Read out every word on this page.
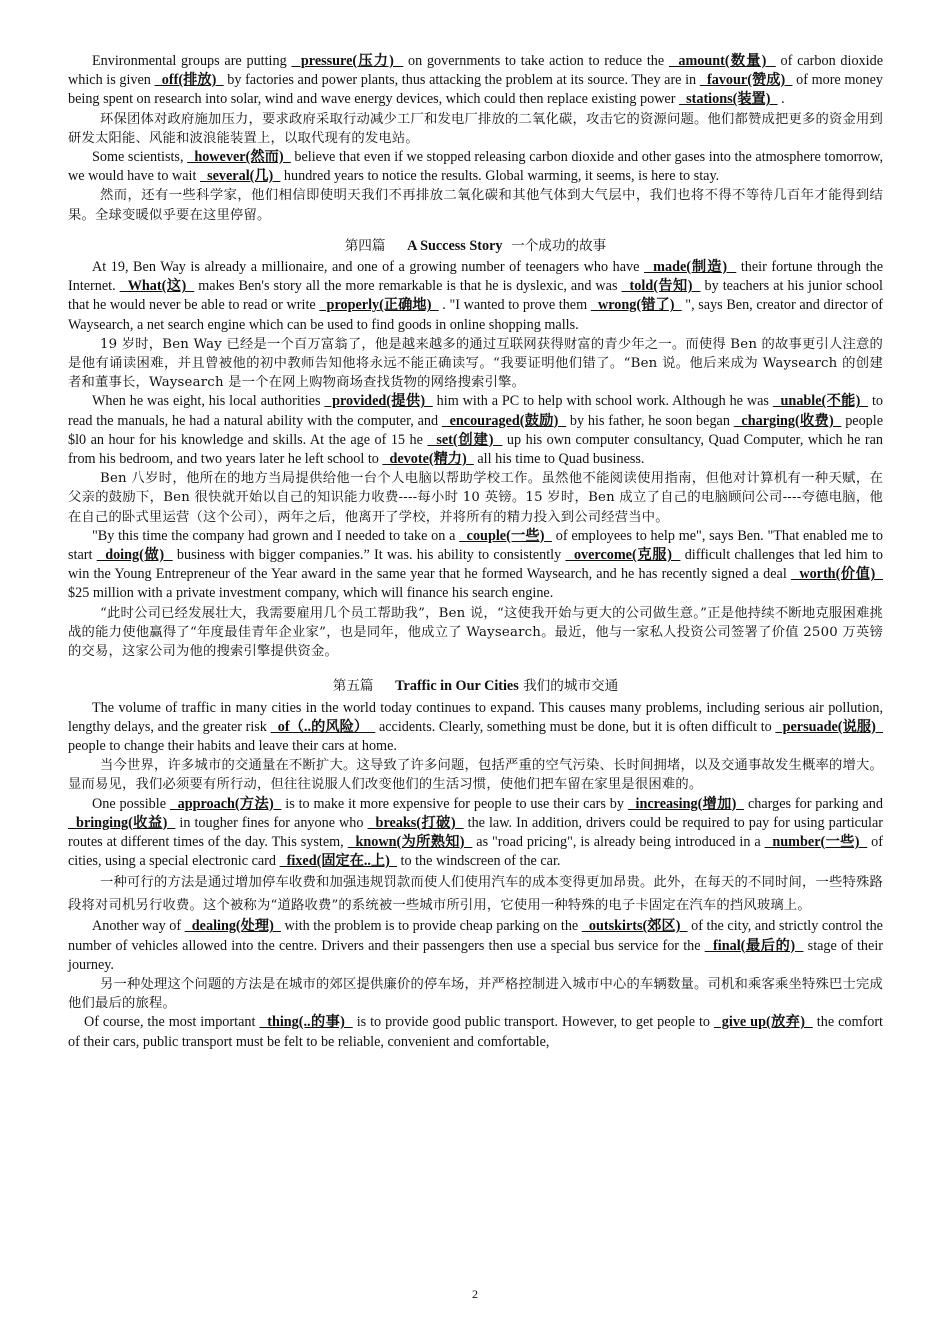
Environmental groups are putting   pressure(压力)   on governments to take action to reduce the   amount(数量)   of carbon dioxide which is given   off(排放)   by factories and power plants, thus attacking the problem at its source. They are in   favour(赞成)   of more money being spent on research into solar, wind and wave energy devices, which could then replace existing power   stations(装置)   .

环保团体对政府施加压力，要求政府采取行动减少工厂和发电厂排放的二氧化碳，攻击它的资源问题。他们都赞成把更多的资金用到研发太阳能、风能和波浪能装置上，以取代现有的发电站。

Some scientists,   however(然而)   believe that even if we stopped releasing carbon dioxide and other gases into the atmosphere tomorrow, we would have to wait   several(几)   hundred years to notice the results. Global warming, it seems, is here to stay.

然而，还有一些科学家，他们相信即使明天我们不再排放二氧化碳和其他气体到大气层中，我们也将不得不等待几百年才能得到结果。全球变暖似乎要在这里停留。

第四篇 A Success Story 一个成功的故事

At 19, Ben Way is already a millionaire, and one of a growing number of teenagers who have   made(制造)   their fortune through the Internet.   What(这)   makes Ben's story all the more remarkable is that he is dyslexic, and was   told(告知)   by teachers at his junior school that he would never be able to read or write   properly(正确地)   . "I wanted to prove them   wrong(错了)   ", says Ben, creator and director of Waysearch, a net search engine which can be used to find goods in online shopping malls.

19 岁时，Ben Way 已经是一个百万富翁了，他是越来越多的通过互联网获得财富的青少年之一。而使得 Ben 的故事更引人注意的是他有诵读困难，并且曾被他的初中教师告知他将永远不能正确读写。“我要证明他们错了。“Ben 说。他后来成为 Waysearch 的创建者和董事长，Waysearch 是一个在网上购物商场查找货物的网络搜索引擎。

When he was eight, his local authorities   provided(提供)   him with a PC to help with school work. Although he was   unable(不能)   to read the manuals, he had a natural ability with the computer, and   encouraged(鼓励)   by his father, he soon began   charging(收费)   people $l0 an hour for his knowledge and skills. At the age of 15 he   set(创建)   up his own computer consultancy, Quad Computer, which he ran from his bedroom, and two years later he left school to   devote(精力)   all his time to Quad business.

Ben 八岁时，他所在的地方当局提供给他一台个人电脑以帮助学校工作。虽然他不能阅读使用指南，但他对计算机有一种天赋，在父亲的鼓励下，Ben 很快就开始以自己的知识能力收费----每小时 10 英镑。15 岁时，Ben 成立了自己的电脑顾问公司----夸德电脑，他在自己的卧式里运营（这个公司），两年之后，他离开了学校，并将所有的精力投入到公司经营当中。

"By this time the company had grown and I needed to take on a   couple(一些)   of employees to help me", says Ben. "That enabled me to start   doing(做)   business with bigger companies.” It was. his ability to consistently   overcome(克服)   difficult challenges that led him to win the Young Entrepreneur of the Year award in the same year that he formed Waysearch, and he has recently signed a deal   worth(价值)   $25 million with a private investment company, which will finance his search engine.

“此时公司已经发展壮大，我需要雇用几个员工帮助我”，Ben 说，“这使我开始与更大的公司做生意。”正是他持续不断地克服困难挑战的能力使他赢得了“年度最佳青年企业家”，也是同年，他成立了 Waysearch。最近，他与一家私人投资公司签署了价值 2500 万英镑的交易，这家公司为他的搜索引擎提供资金。

第五篇 Traffic in Our Cities 我们的城市交通

The volume of traffic in many cities in the world today continues to expand. This causes many problems, including serious air pollution, lengthy delays, and the greater risk   of（..的风险）   accidents. Clearly, something must be done, but it is often difficult to   persuade(说服)   people to change their habits and leave their cars at home.

当今世界，许多城市的交通量在不断扩大。这导致了许多问题，包括严重的空气污染、长时间拥堵，以及交通事故发生概率的增大。显而易见，我们必须要有所行动，但往往说服人们改变他们的生活习惯，使他们把车留在家里是很困难的。

One possible   approach(方法)   is to make it more expensive for people to use their cars by   increasing(增加)   charges for parking and   bringing(收益)   in tougher fines for anyone who   breaks(打破)   the law. In addition, drivers could be required to pay for using particular routes at different times of the day. This system,   known(为所熟知)   as "road pricing", is already being introduced in a   number(一些)   of cities, using a special electronic card   fixed(固定在..上)   to the windscreen of the car.

一种可行的方法是通过增加停车收费和加强违规罚款而使人们使用汽车的成本变得更加昂贵。此外，在每天的不同时间，一些特殊路段将对司机另行收费。这个被称为“道路收费”的系统被一些城市所引用，它使用一种特殊的电子卡固定在汽车的挡风玻璃上。

Another way of   dealing(处理)   with the problem is to provide cheap parking on the   outskirts(郊区)   of the city, and strictly control the number of vehicles allowed into the centre. Drivers and their passengers then use a special bus service for the   final(最后的)   stage of their journey.

另一种处理这个问题的方法是在城市的郊区提供廉价的停车场，并严格控制进入城市中心的车辆数量。司机和乘客乘坐特殊巴士完成他们最后的旅程。

Of course, the most important   thing(..的事)   is to provide good public transport. However, to get people to   give up(放弃)   the comfort of their cars, public transport must be felt to be reliable, convenient and comfortable,

2
